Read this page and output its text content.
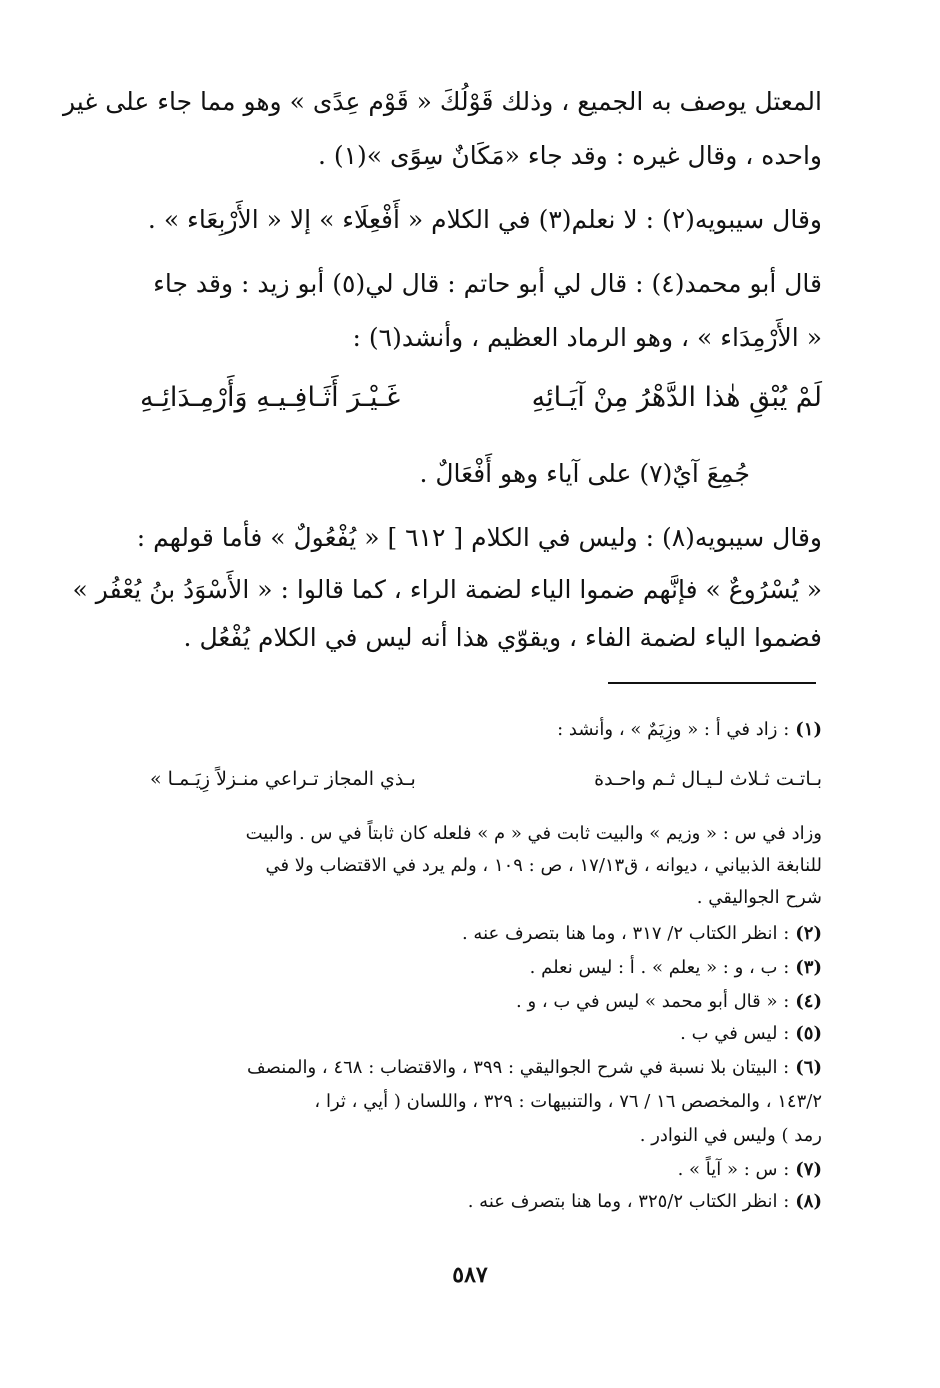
المعتل يوصف به الجميع ، وذلك قَوْلُكَ « قَوْم عِدًى » وهو مما جاء على غير
واحده ، وقال غيره : وقد جاء «مَكَانٌ سِوًى »(١) .
وقال سيبويه(٢) : لا نعلم(٣) في الكلام « أَفْعِلَاء » إلا « الأَرْبِعَاء » .
قال أبو محمد(٤) : قال لي أبو حاتم : قال لي(٥) أبو زيد : وقد جاء
« الأَرْمِدَاء » ، وهو الرماد العظيم ، وأنشد(٦) :
لَمْ يُبْقِ هٰذا الدَّهْرُ مِنْ آيَـائِهِ
غَـيْـرَ أَثَـافِـيـهِ وَأَرْمِـدَائِـهِ
جُمِعَ آيٌ(٧) على آياء وهو أَفْعَالٌ .
وقال سيبويه(٨) : وليس في الكلام [ ٦١٢ ] « يُفْعُولٌ » فأما قولهم :
« يُسْرُوعٌ » فإنَّهم ضموا الياء لضمة الراء ، كما قالوا : « الأَسْوَدُ بنُ يُعْفُر »
فضموا الياء لضمة الفاء ، ويقوّي هذا أنه ليس في الكلام يُفْعُل .
(١): زاد في أ : « وزِيَمٌ » ، وأنشد :
بـاتـت ثـلاث لـيـال ثـم واحـدة
بـذي المجاز تـراعي منـزلاً زِيَـمـا »
وزاد في س : « وزيم » والبيت ثابت في « م » فلعله كان ثابتاً في س . والبيت
للنابغة الذبياني ، ديوانه ، ق١٧/١٣ ، ص : ١٠٩ ، ولم يرد في الاقتضاب ولا في
شرح الجواليقي .
(٢): انظر الكتاب ٢/ ٣١٧ ، وما هنا بتصرف عنه .
(٣): ب ، و : « يعلم » . أ : ليس نعلم .
(٤): « قال أبو محمد » ليس في ب ، و .
(٥): ليس في ب .
(٦): البيتان بلا نسبة في شرح الجواليقي : ٣٩٩ ، والاقتضاب : ٤٦٨ ، والمنصف
١٤٣/٢ ، والمخصص ١٦ / ٧٦ ، والتنبيهات : ٣٢٩ ، واللسان ( أيي ، ثرا ،
رمد ) وليس في النوادر .
(٧): س : « آياً » .
(٨): انظر الكتاب ٣٢٥/٢ ، وما هنا بتصرف عنه .
٥٨٧
